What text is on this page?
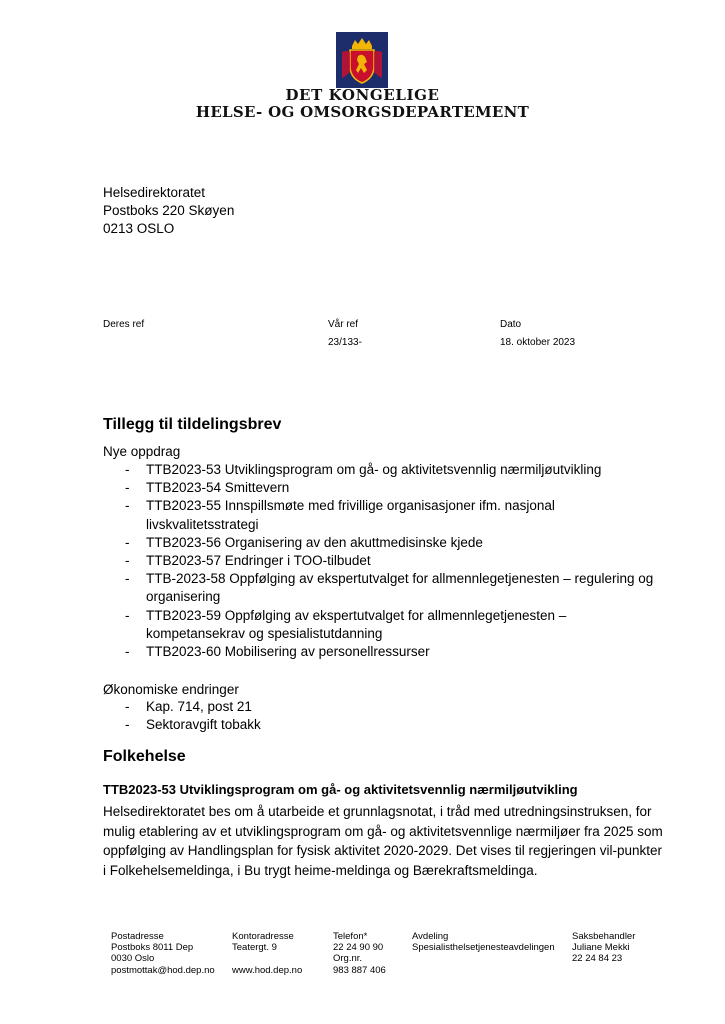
DET KONGELIGE
HELSE- OG OMSORGSDEPARTEMENT
Helsedirektoratet
Postboks 220 Skøyen
0213 OSLO
Deres ref	Vår ref
23/133-
Dato
18. oktober 2023
Tillegg til tildelingsbrev
Nye oppdrag
- TTB2023-53 Utviklingsprogram om gå- og aktivitetsvennlig nærmiljøutvikling
- TTB2023-54 Smittevern
- TTB2023-55 Innspillsmøte med frivillige organisasjoner ifm. nasjonal livskvalitetsstrategi
- TTB2023-56 Organisering av den akuttmedisinske kjede
- TTB2023-57 Endringer i TOO-tilbudet
- TTB-2023-58 Oppfølging av ekspertutvalget for allmennlegetjenesten – regulering og organisering
- TTB2023-59 Oppfølging av ekspertutvalget for allmennlegetjenesten – kompetansekrav og spesialistutdanning
- TTB2023-60 Mobilisering av personellressurser
Økonomiske endringer
- Kap. 714, post 21
- Sektoravgift tobakk
Folkehelse
TTB2023-53 Utviklingsprogram om gå- og aktivitetsvennlig nærmiljøutvikling
Helsedirektoratet bes om å utarbeide et grunnlagsnotat, i tråd med utredningsinstruksen, for mulig etablering av et utviklingsprogram om gå- og aktivitetsvennlige nærmiljøer fra 2025 som oppfølging av Handlingsplan for fysisk aktivitet 2020-2029. Det vises til regjeringen vil-punkter i Folkehelsemeldinga, i Bu trygt heime-meldinga og Bærekraftsmeldinga.
Postadresse
Postboks 8011 Dep
0030 Oslo
postmottak@hod.dep.no
Kontoradresse
Teatergt. 9
www.hod.dep.no
Telefon*
22 24 90 90
Org.nr.
983 887 406
Avdeling
Spesialisthelsetjenesteavdelingen
Saksbehandler
Juliane Mekki
22 24 84 23
